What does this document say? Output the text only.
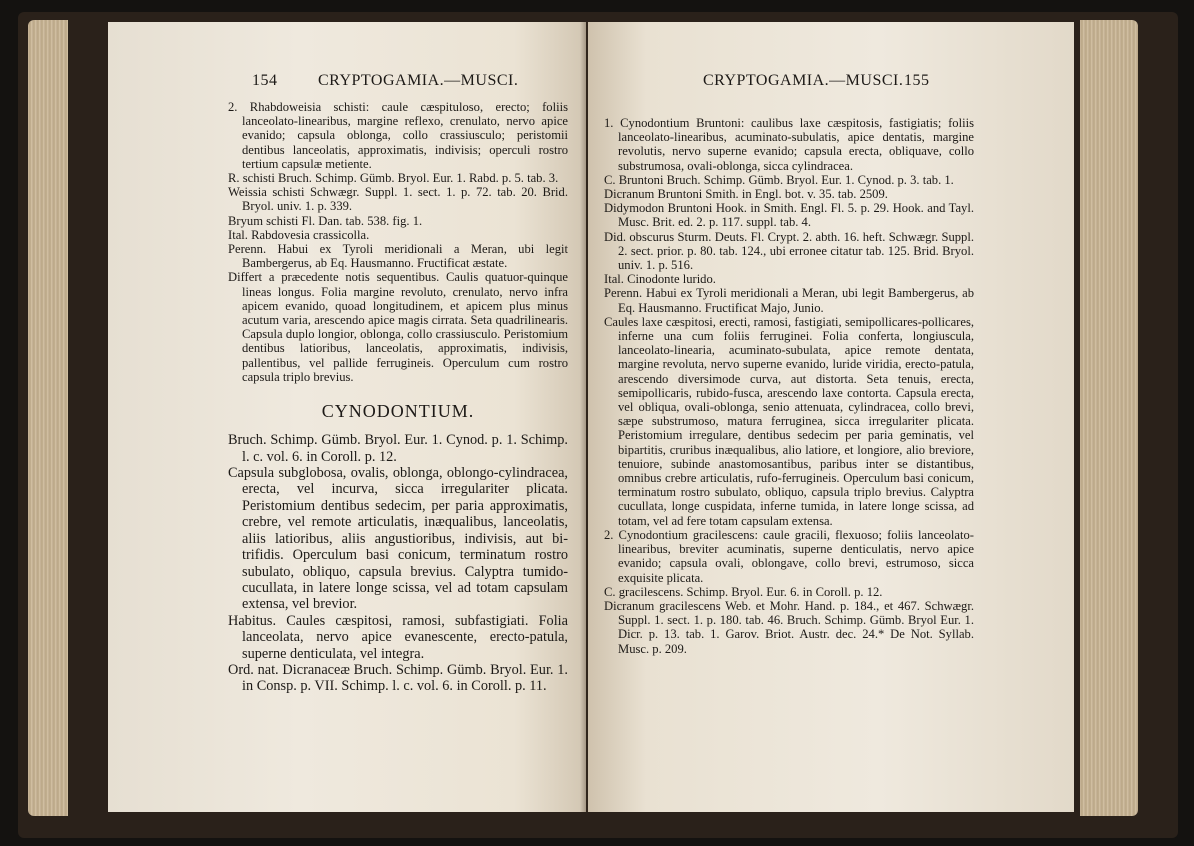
154	CRYPTOGAMIA.—MUSCI.

2. Rhabdoweisia schisti: caule cæspituloso, erecto; foliis lanceolato-linearibus, margine reflexo, crenulato, nervo apice evanido; capsula oblonga, collo crassiusculo; peristomii dentibus lanceolatis, approximatis, indivisis; operculi rostro tertium capsulæ metiente.

R. schisti Bruch. Schimp. Gümb. Bryol. Eur. 1. Rabd. p. 5. tab. 3.

Weissia schisti Schwægr. Suppl. 1. sect. 1. p. 72. tab. 20. Brid. Bryol. univ. 1. p. 339.

Bryum schisti Fl. Dan. tab. 538. fig. 1.

Ital. Rabdovesia crassicolla.

Perenn. Habui ex Tyroli meridionali a Meran, ubi legit Bambergerus, ab Eq. Hausmanno. Fructificat æstate.

Differt a præcedente notis sequentibus. Caulis quatuor-quinque lineas longus. Folia margine revoluto, crenulato, nervo infra apicem evanido, quoad longitudinem, et apicem plus minus acutum varia, arescendo apice magis cirrata. Seta quadrilinearis. Capsula duplo longior, oblonga, collo crassiusculo. Peristomium dentibus latioribus, lanceolatis, approximatis, indivisis, pallentibus, vel pallide ferrugineis. Operculum cum rostro capsula triplo brevius.

CYNODONTIUM.

Bruch. Schimp. Gümb. Bryol. Eur. 1. Cynod. p. 1. Schimp. l. c. vol. 6. in Coroll. p. 12.

Capsula subglobosa, ovalis, oblonga, oblongo-cylindracea, erecta, vel incurva, sicca irregulariter plicata. Peristomium dentibus sedecim, per paria approximatis, crebre, vel remote articulatis, inæqualibus, lanceolatis, aliis latioribus, aliis angustioribus, indivisis, aut bi-trifidis. Operculum basi conicum, terminatum rostro subulato, obliquo, capsula brevius. Calyptra tumido-cucullata, in latere longe scissa, vel ad totam capsulam extensa, vel brevior.

Habitus. Caules cæspitosi, ramosi, subfastigiati. Folia lanceolata, nervo apice evanescente, erecto-patula, superne denticulata, vel integra.

Ord. nat. Dicranaceæ Bruch. Schimp. Gümb. Bryol. Eur. 1. in Consp. p. VII. Schimp. l. c. vol. 6. in Coroll. p. 11.

CRYPTOGAMIA.—MUSCI. 155

1. Cynodontium Bruntoni: caulibus laxe cæspitosis, fastigiatis; foliis lanceolato-linearibus, acuminato-subulatis, apice dentatis, margine revolutis, nervo superne evanido; capsula erecta, obliquave, collo substrumosa, ovali-oblonga, sicca cylindracea.

C. Bruntoni Bruch. Schimp. Gümb. Bryol. Eur. 1. Cynod. p. 3. tab. 1.

Dicranum Bruntoni Smith. in Engl. bot. v. 35. tab. 2509.

Didymodon Bruntoni Hook. in Smith. Engl. Fl. 5. p. 29. Hook. and Tayl. Musc. Brit. ed. 2. p. 117. suppl. tab. 4.

Did. obscurus Sturm. Deuts. Fl. Crypt. 2. abth. 16. heft. Schwægr. Suppl. 2. sect. prior. p. 80. tab. 124., ubi erronee citatur tab. 125. Brid. Bryol. univ. 1. p. 516.

Ital. Cinodonte lurido.

Perenn. Habui ex Tyroli meridionali a Meran, ubi legit Bambergerus, ab Eq. Hausmanno. Fructificat Majo, Junio.

Caules laxe cæspitosi, erecti, ramosi, fastigiati, semipollicares-pollicares, inferne una cum foliis ferruginei. Folia conferta, longiuscula, lanceolato-linearia, acuminato-subulata, apice remote dentata, margine revoluta, nervo superne evanido, luride viridia, erecto-patula, arescendo diversimode curva, aut distorta. Seta tenuis, erecta, semipollicaris, rubido-fusca, arescendo laxe contorta. Capsula erecta, vel obliqua, ovali-oblonga, senio attenuata, cylindracea, collo brevi, sæpe substrumoso, matura ferruginea, sicca irregulariter plicata. Peristomium irregulare, dentibus sedecim per paria geminatis, vel bipartitis, cruribus inæqualibus, alio latiore, et longiore, alio breviore, tenuiore, subinde anastomosantibus, paribus inter se distantibus, omnibus crebre articulatis, rufo-ferrugineis. Operculum basi conicum, terminatum rostro subulato, obliquo, capsula triplo brevius. Calyptra cucullata, longe cuspidata, inferne tumida, in latere longe scissa, ad totam, vel ad fere totam capsulam extensa.

2. Cynodontium gracilescens: caule gracili, flexuoso; foliis lanceolato-linearibus, breviter acuminatis, superne denticulatis, nervo apice evanido; capsula ovali, oblongave, collo brevi, estrumoso, sicca exquisite plicata.

C. gracilescens. Schimp. Bryol. Eur. 6. in Coroll. p. 12.

Dicranum gracilescens Web. et Mohr. Hand. p. 184., et 467. Schwægr. Suppl. 1. sect. 1. p. 180. tab. 46. Bruch. Schimp. Gümb. Bryol Eur. 1. Dicr. p. 13. tab. 1. Garov. Briot. Austr. dec. 24.* De Not. Syllab. Musc. p. 209.
